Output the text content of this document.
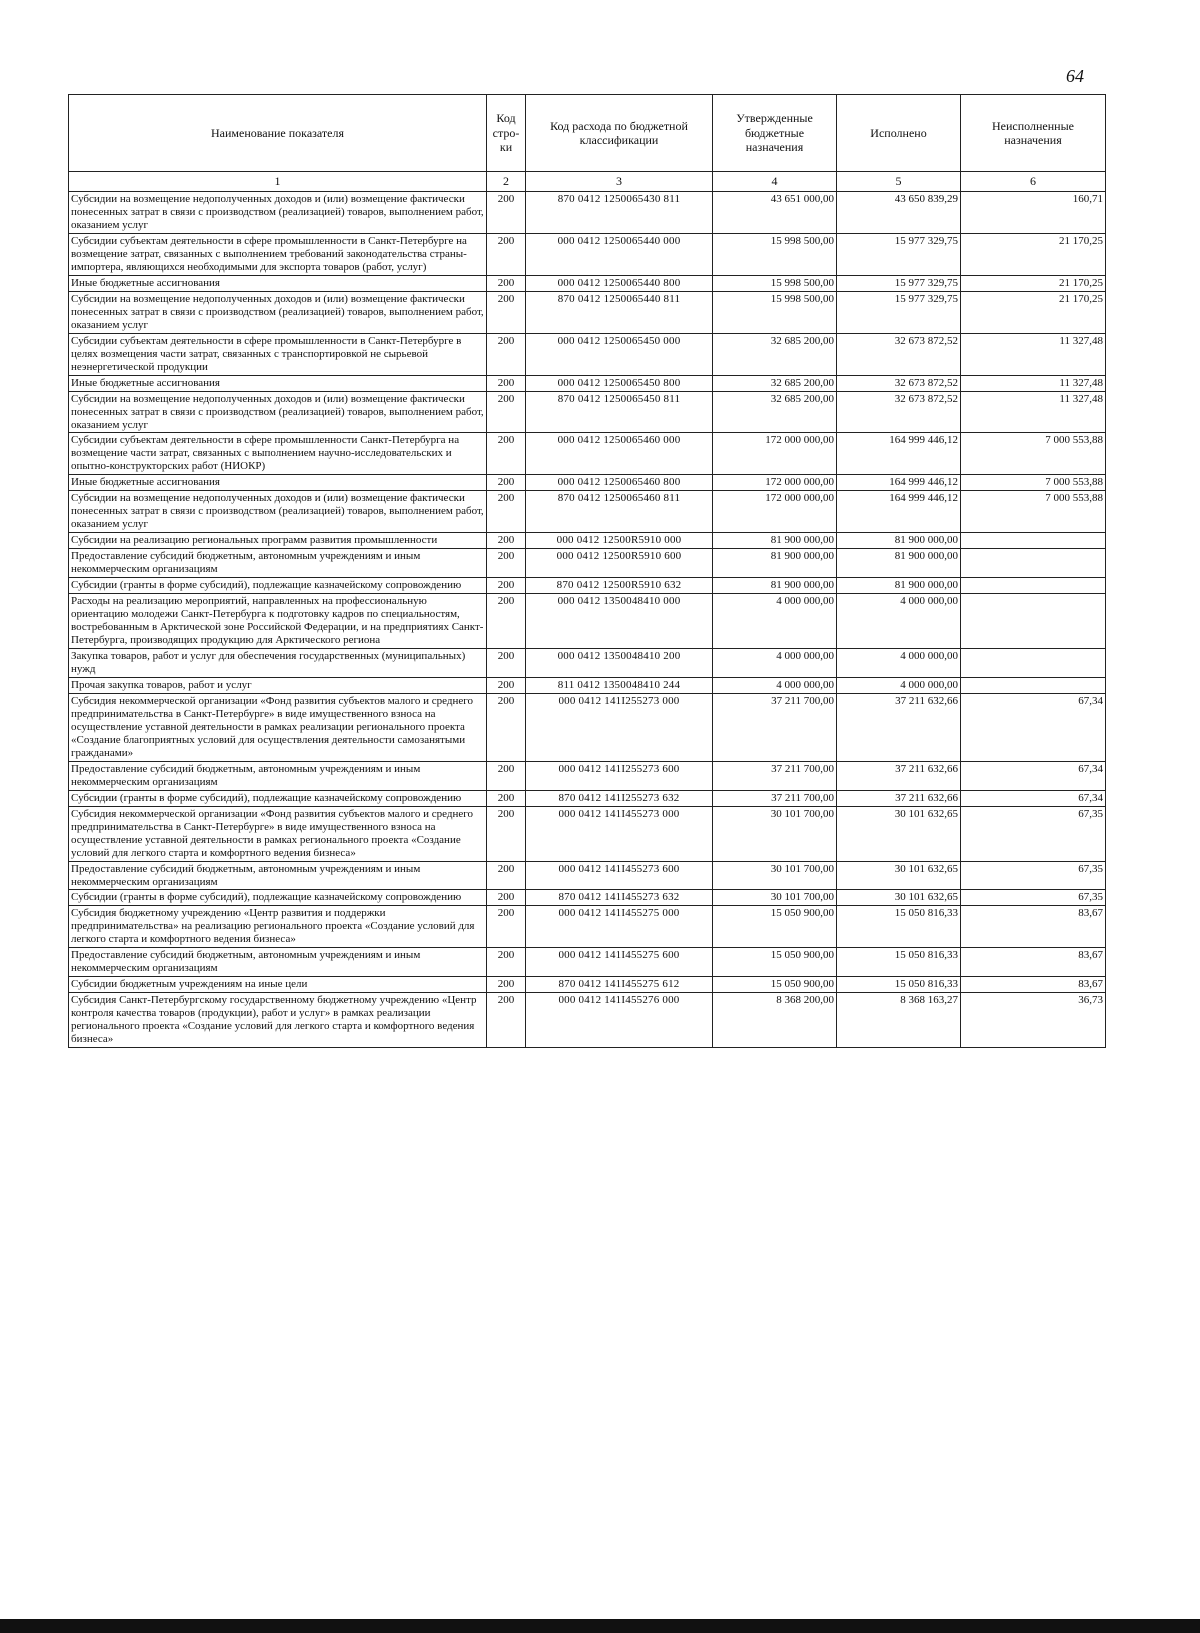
64
Наименование показателя	Код стро-ки	Код расхода по бюджетной классификации	Утвержденные бюджетные назначения	Исполнено	Неисполненные назначения
1	2	3	4	5	6
Субсидии на возмещение недополученных доходов и (или) возмещение фактически понесенных затрат в связи с производством (реализацией) товаров, выполнением работ, оказанием услуг	200	870 0412 1250065430 811	43 651 000,00	43 650 839,29	160,71
Субсидии субъектам деятельности в сфере промышленности в Санкт-Петербурге на возмещение затрат, связанных с выполнением требований законодательства страны-импортера, являющихся необходимыми для экспорта товаров (работ, услуг)	200	000 0412 1250065440 000	15 998 500,00	15 977 329,75	21 170,25
Иные бюджетные ассигнования	200	000 0412 1250065440 800	15 998 500,00	15 977 329,75	21 170,25
Субсидии на возмещение недополученных доходов и (или) возмещение фактически понесенных затрат в связи с производством (реализацией) товаров, выполнением работ, оказанием услуг	200	870 0412 1250065440 811	15 998 500,00	15 977 329,75	21 170,25
Субсидии субъектам деятельности в сфере промышленности в Санкт-Петербурге в целях возмещения части затрат, связанных с транспортировкой не сырьевой неэнергетической продукции	200	000 0412 1250065450 000	32 685 200,00	32 673 872,52	11 327,48
Иные бюджетные ассигнования	200	000 0412 1250065450 800	32 685 200,00	32 673 872,52	11 327,48
Субсидии на возмещение недополученных доходов и (или) возмещение фактически понесенных затрат в связи с производством (реализацией) товаров, выполнением работ, оказанием услуг	200	870 0412 1250065450 811	32 685 200,00	32 673 872,52	11 327,48
Субсидии субъектам деятельности в сфере промышленности Санкт-Петербурга на возмещение части затрат, связанных с выполнением научно-исследовательских и опытно-конструкторских работ (НИОКР)	200	000 0412 1250065460 000	172 000 000,00	164 999 446,12	7 000 553,88
Иные бюджетные ассигнования	200	000 0412 1250065460 800	172 000 000,00	164 999 446,12	7 000 553,88
Субсидии на возмещение недополученных доходов и (или) возмещение фактически понесенных затрат в связи с производством (реализацией) товаров, выполнением работ, оказанием услуг	200	870 0412 1250065460 811	172 000 000,00	164 999 446,12	7 000 553,88
Субсидии на реализацию региональных программ развития промышленности	200	000 0412 12500R5910 000	81 900 000,00	81 900 000,00	
Предоставление субсидий бюджетным, автономным учреждениям и иным некоммерческим организациям	200	000 0412 12500R5910 600	81 900 000,00	81 900 000,00	
Субсидии (гранты в форме субсидий), подлежащие казначейскому сопровождению	200	870 0412 12500R5910 632	81 900 000,00	81 900 000,00	
Расходы на реализацию мероприятий, направленных на профессиональную ориентацию молодежи Санкт-Петербурга к подготовку кадров по специальностям, востребованным в Арктической зоне Российской Федерации, и на предприятиях Санкт-Петербурга, производящих продукцию для Арктического региона	200	000 0412 1350048410 000	4 000 000,00	4 000 000,00	
Закупка товаров, работ и услуг для обеспечения государственных (муниципальных) нужд	200	000 0412 1350048410 200	4 000 000,00	4 000 000,00	
Прочая закупка товаров, работ и услуг	200	811 0412 1350048410 244	4 000 000,00	4 000 000,00	
Субсидия некоммерческой организации «Фонд развития субъектов малого и среднего предпринимательства в Санкт-Петербурге» в виде имущественного взноса на осуществление уставной деятельности в рамках реализации регионального проекта «Создание благоприятных условий для осуществления деятельности самозанятыми гражданами»	200	000 0412 141I255273 000	37 211 700,00	37 211 632,66	67,34
Предоставление субсидий бюджетным, автономным учреждениям и иным некоммерческим организациям	200	000 0412 141I255273 600	37 211 700,00	37 211 632,66	67,34
Субсидии (гранты в форме субсидий), подлежащие казначейскому сопровождению	200	870 0412 141I255273 632	37 211 700,00	37 211 632,66	67,34
Субсидия некоммерческой организации «Фонд развития субъектов малого и среднего предпринимательства в Санкт-Петербурге» в виде имущественного взноса на осуществление уставной деятельности в рамках регионального проекта «Создание условий для легкого старта и комфортного ведения бизнеса»	200	000 0412 141I455273 000	30 101 700,00	30 101 632,65	67,35
Предоставление субсидий бюджетным, автономным учреждениям и иным некоммерческим организациям	200	000 0412 141I455273 600	30 101 700,00	30 101 632,65	67,35
Субсидии (гранты в форме субсидий), подлежащие казначейскому сопровождению	200	870 0412 141I455273 632	30 101 700,00	30 101 632,65	67,35
Субсидия бюджетному учреждению «Центр развития и поддержки предпринимательства» на реализацию регионального проекта «Создание условий для легкого старта и комфортного ведения бизнеса»	200	000 0412 141I455275 000	15 050 900,00	15 050 816,33	83,67
Предоставление субсидий бюджетным, автономным учреждениям и иным некоммерческим организациям	200	000 0412 141I455275 600	15 050 900,00	15 050 816,33	83,67
Субсидии бюджетным учреждениям на иные цели	200	870 0412 141I455275 612	15 050 900,00	15 050 816,33	83,67
Субсидия Санкт-Петербургскому государственному бюджетному учреждению «Центр контроля качества товаров (продукции), работ и услуг» в рамках реализации регионального проекта «Создание условий для легкого старта и комфортного ведения бизнеса»	200	000 0412 141I455276 000	8 368 200,00	8 368 163,27	36,73
